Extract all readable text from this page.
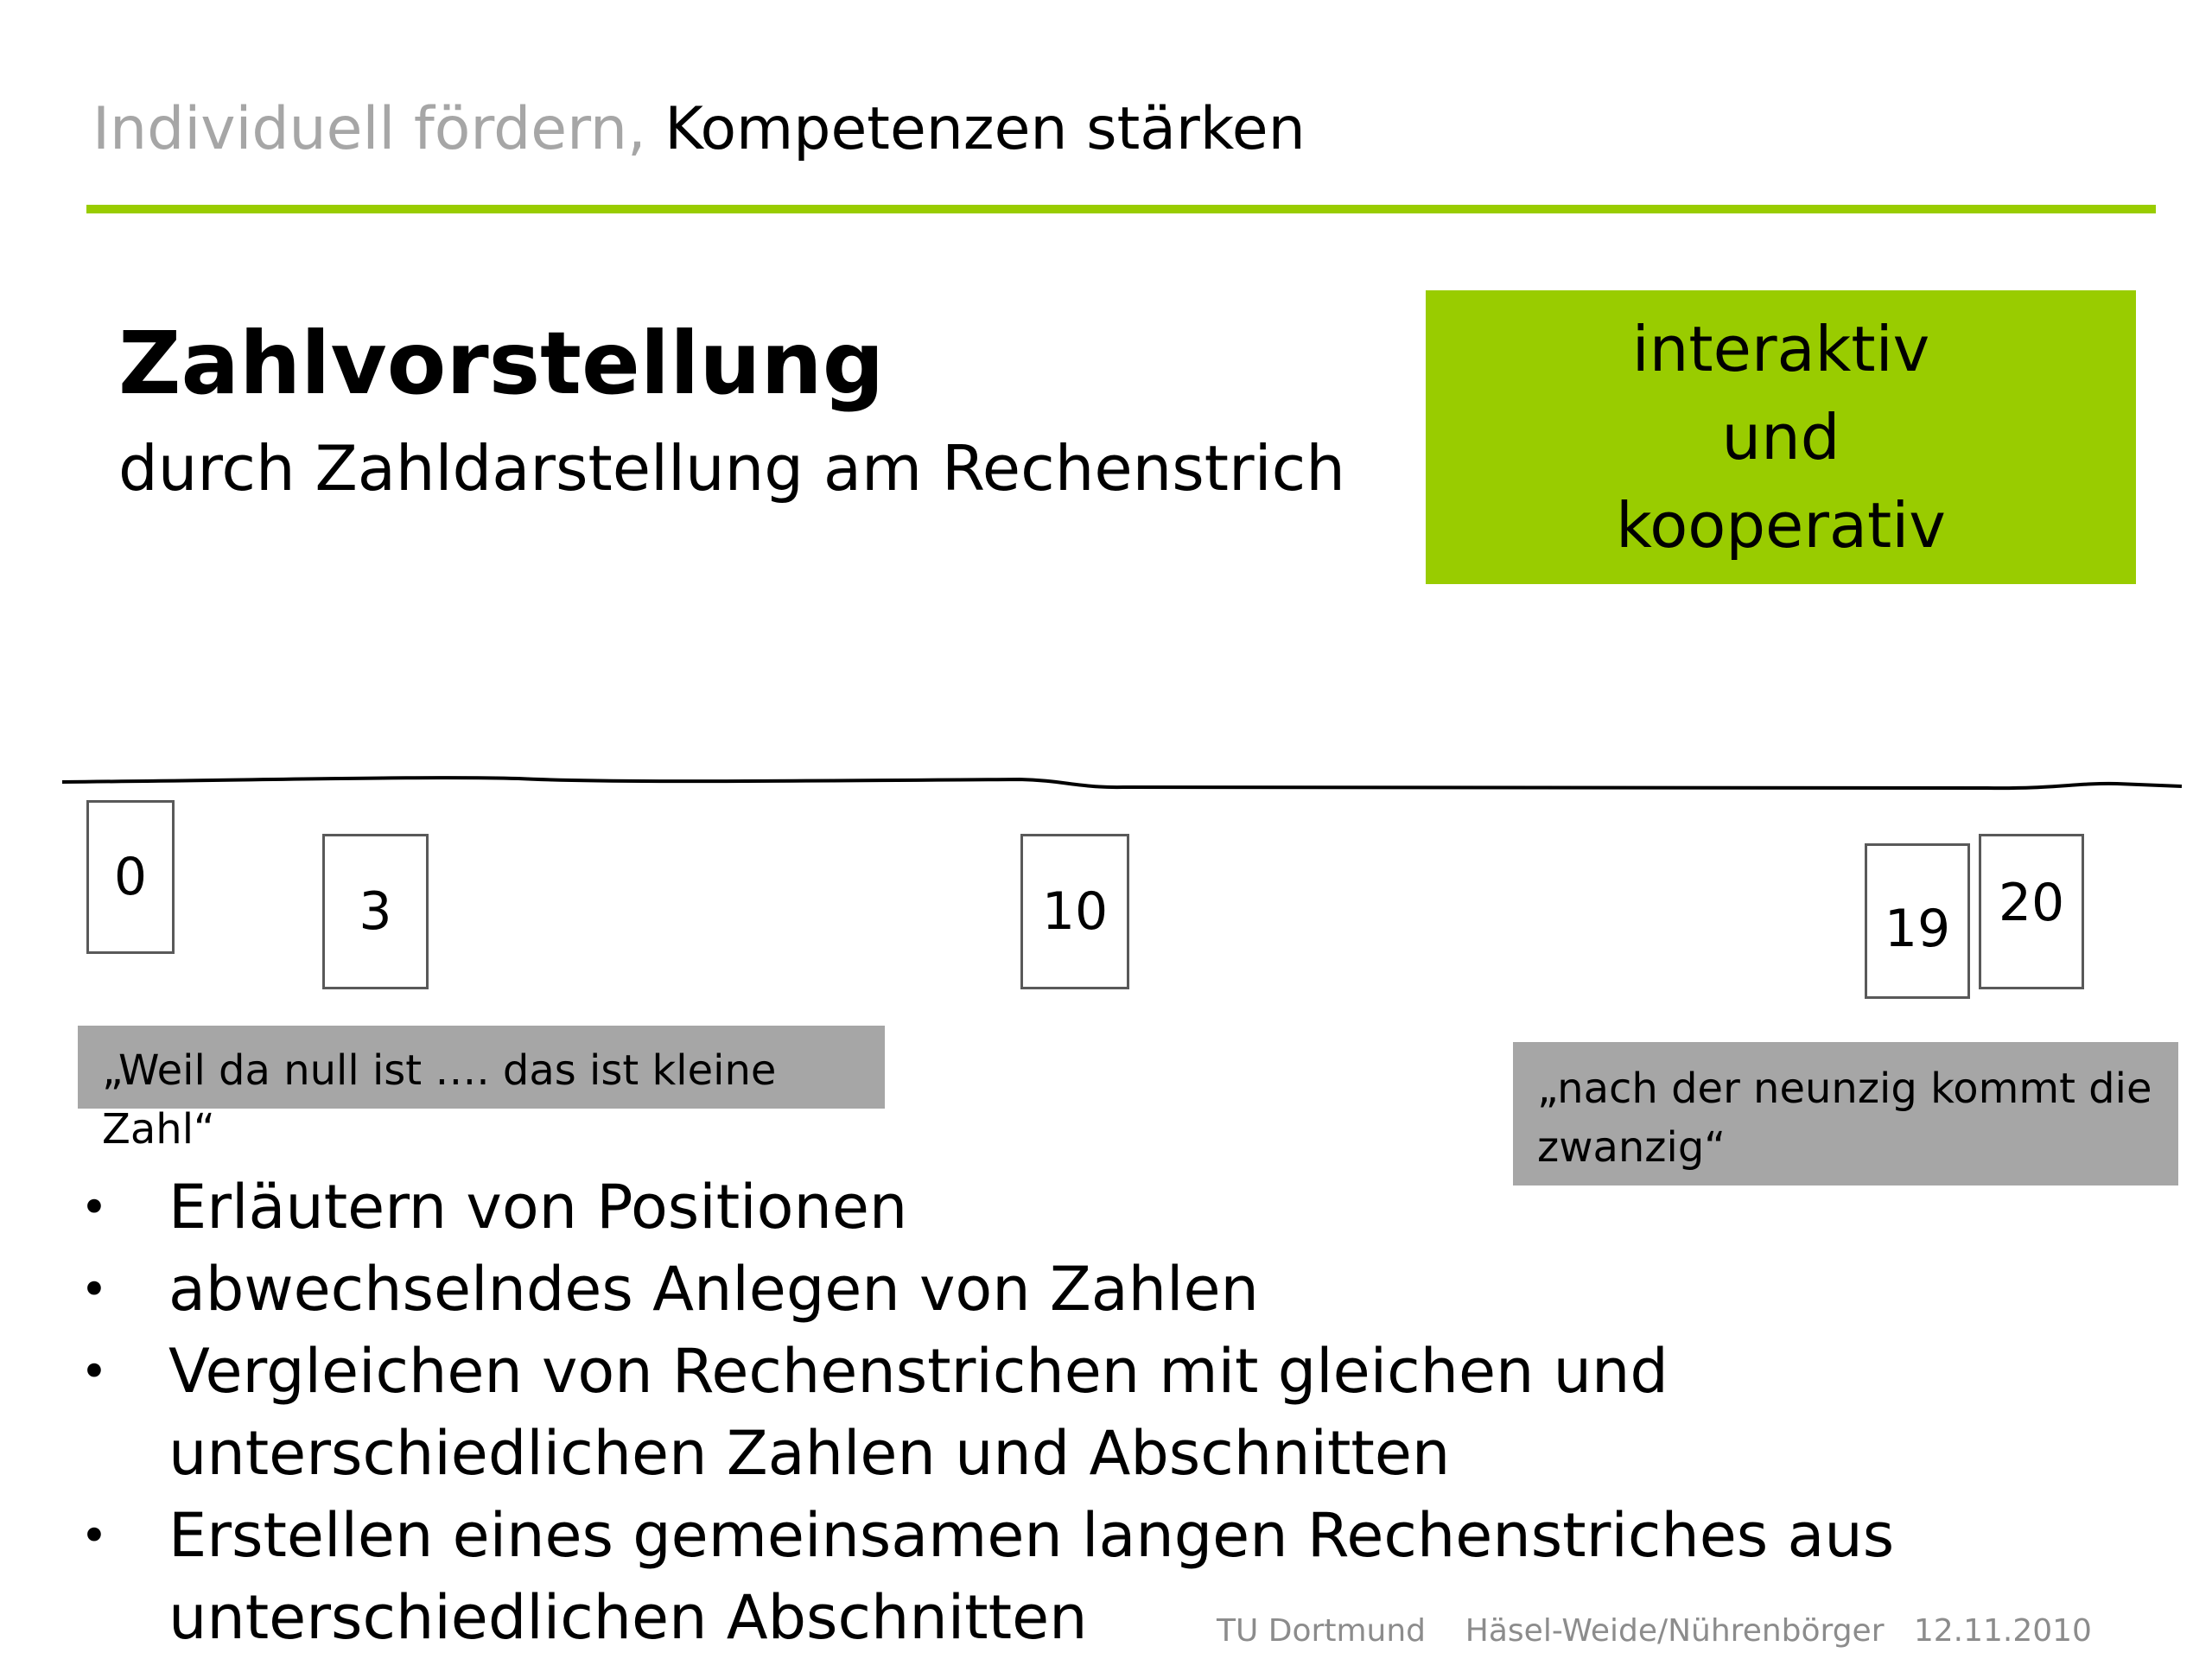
Individuell fördern, Kompetenzen stärken
Zahlvorstellung
durch Zahldarstellung am Rechenstrich
interaktiv
und
kooperativ
0
3	10	19 20
„Weil da null ist …. das ist kleine Zahl“
„nach der neunzig kommt die zwanzig“
• Erläutern von Positionen
• abwechselndes Anlegen von Zahlen
• Vergleichen von Rechenstrichen mit gleichen und unterschiedlichen Zahlen und Abschnitten
• Erstellen eines gemeinsamen langen Rechenstriches aus unterschiedlichen Abschnitten	TU Dortmund Häsel-Weide/Nührenbörger 12.11.2010
